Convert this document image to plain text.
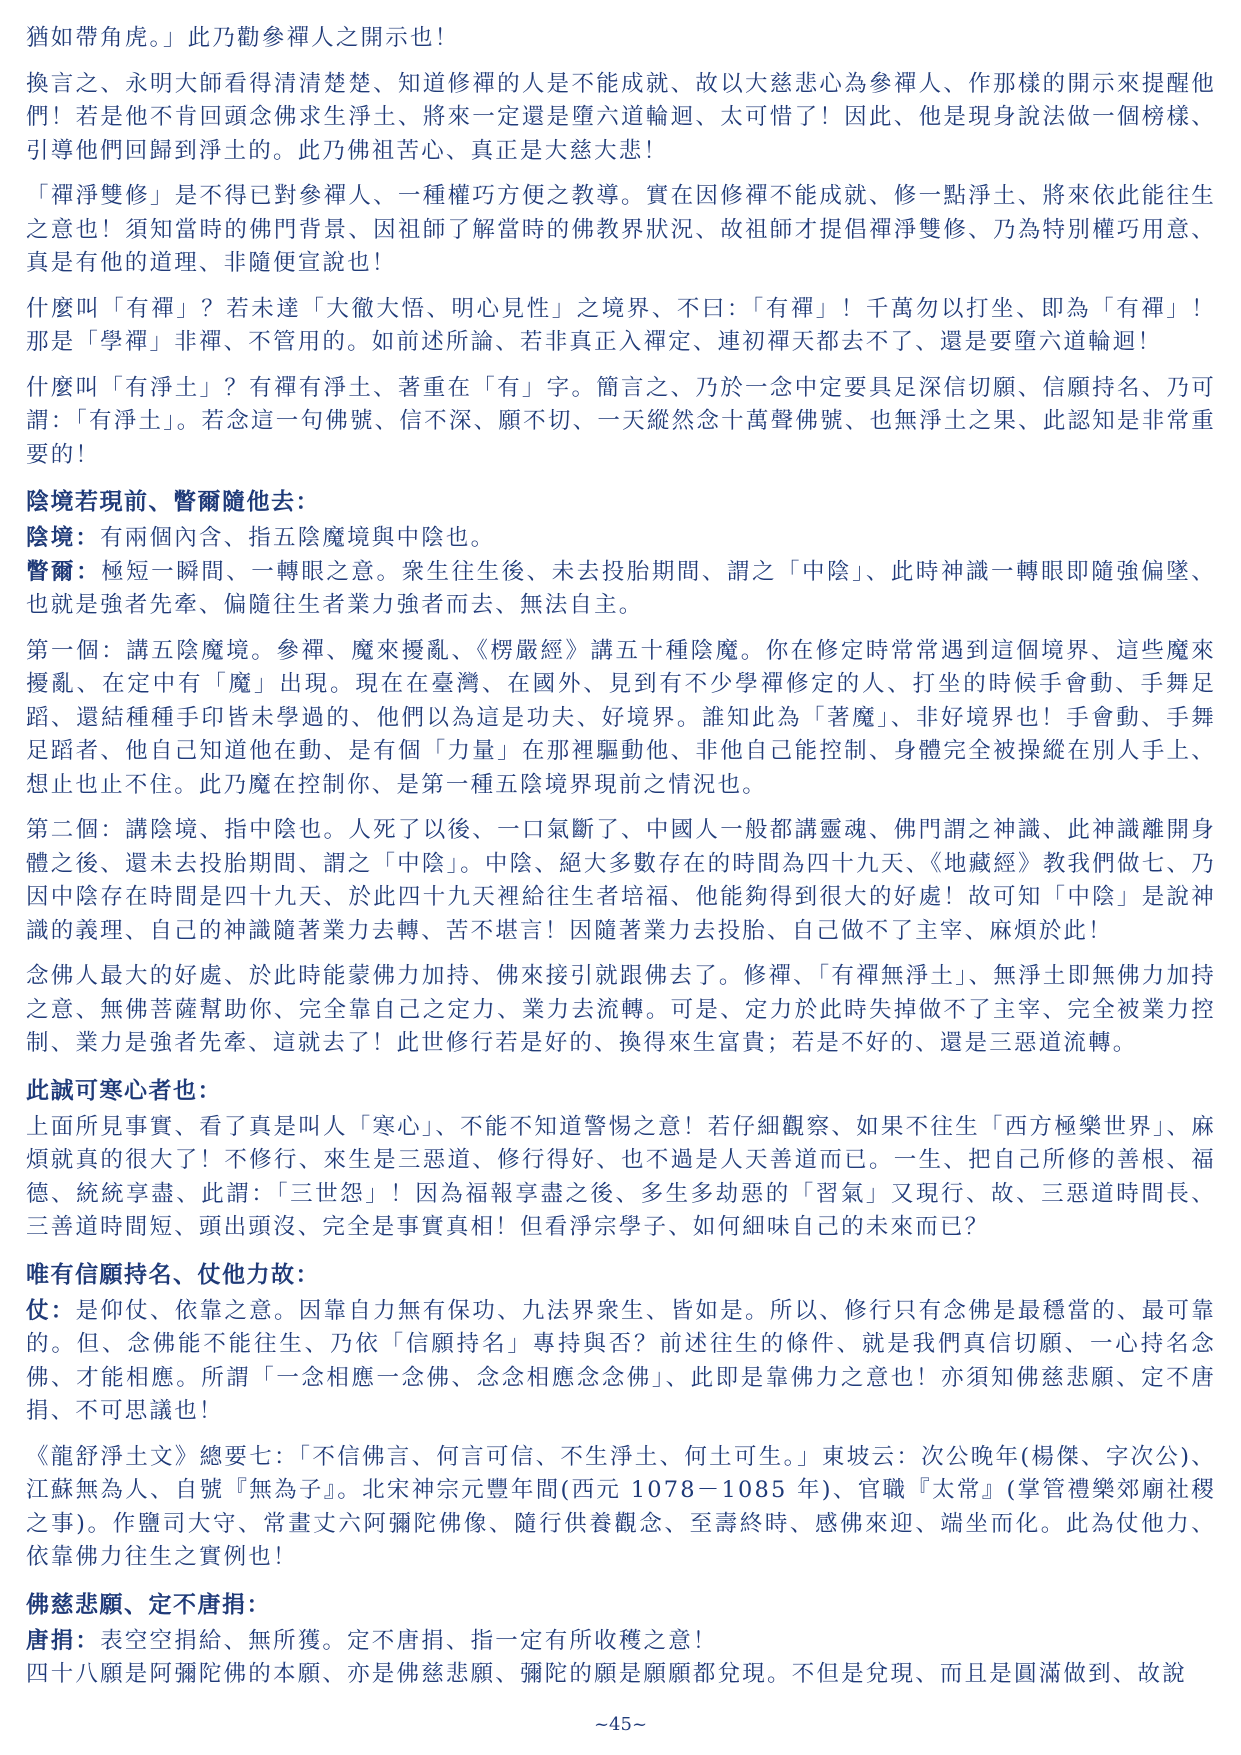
猶如帶角虎。」此乃勸參禪人之開示也！

換言之、永明大師看得清清楚楚、知道修禪的人是不能成就、故以大慈悲心為參禪人、作那樣的開示來提醒他們！若是他不肯回頭念佛求生淨土、將來一定還是墮六道輪迴、太可惜了！因此、他是現身說法做一個榜樣、引導他們回歸到淨土的。此乃佛祖苦心、真正是大慈大悲！

「禪淨雙修」是不得已對參禪人、一種權巧方便之教導。實在因修禪不能成就、修一點淨土、將來依此能往生之意也！須知當時的佛門背景、因祖師了解當時的佛教界狀況、故祖師才提倡禪淨雙修、乃為特別權巧用意、真是有他的道理、非隨便宣說也！

什麼叫「有禪」？若未達「大徹大悟、明心見性」之境界、不曰：「有禪」！千萬勿以打坐、即為「有禪」！那是「學禪」非禪、不管用的。如前述所論、若非真正入禪定、連初禪天都去不了、還是要墮六道輪迴！

什麼叫「有淨土」？有禪有淨土、著重在「有」字。簡言之、乃於一念中定要具足深信切願、信願持名、乃可謂：「有淨土」。若念這一句佛號、信不深、願不切、一天縱然念十萬聲佛號、也無淨土之果、此認知是非常重要的！

陰境若現前、瞥爾隨他去：

陰境：有兩個內含、指五陰魔境與中陰也。

瞥爾：極短一瞬間、一轉眼之意。衆生往生後、未去投胎期間、謂之「中陰」、此時神識一轉眼即隨強偏墜、也就是強者先牽、偏隨往生者業力強者而去、無法自主。

第一個：講五陰魔境。參禪、魔來擾亂、《楞嚴經》講五十種陰魔。你在修定時常常遇到這個境界、這些魔來擾亂、在定中有「魔」出現。現在在臺灣、在國外、見到有不少學禪修定的人、打坐的時候手會動、手舞足蹈、還結種種手印皆未學過的、他們以為這是功夫、好境界。誰知此為「著魔」、非好境界也！手會動、手舞足蹈者、他自己知道他在動、是有個「力量」在那裡驅動他、非他自己能控制、身體完全被操縱在別人手上、想止也止不住。此乃魔在控制你、是第一種五陰境界現前之情況也。

第二個：講陰境、指中陰也。人死了以後、一口氣斷了、中國人一般都講靈魂、佛門謂之神識、此神識離開身體之後、還未去投胎期間、謂之「中陰」。中陰、絕大多數存在的時間為四十九天、《地藏經》教我們做七、乃因中陰存在時間是四十九天、於此四十九天裡給往生者培福、他能夠得到很大的好處！故可知「中陰」是說神識的義理、自己的神識隨著業力去轉、苦不堪言！因隨著業力去投胎、自己做不了主宰、麻煩於此！

念佛人最大的好處、於此時能蒙佛力加持、佛來接引就跟佛去了。修禪、「有禪無淨土」、無淨土即無佛力加持之意、無佛菩薩幫助你、完全靠自己之定力、業力去流轉。可是、定力於此時失掉做不了主宰、完全被業力控制、業力是強者先牽、這就去了！此世修行若是好的、換得來生富貴；若是不好的、還是三惡道流轉。

此誠可寒心者也：

上面所見事實、看了真是叫人「寒心」、不能不知道警惕之意！若仔細觀察、如果不往生「西方極樂世界」、麻煩就真的很大了！不修行、來生是三惡道、修行得好、也不過是人天善道而已。一生、把自己所修的善根、福德、統統享盡、此謂：「三世怨」！因為福報享盡之後、多生多劫惡的「習氣」又現行、故、三惡道時間長、三善道時間短、頭出頭沒、完全是事實真相！但看淨宗學子、如何細味自己的未來而已？

唯有信願持名、仗他力故：

仗：是仰仗、依靠之意。因靠自力無有保功、九法界衆生、皆如是。所以、修行只有念佛是最穩當的、最可靠的。但、念佛能不能往生、乃依「信願持名」專持與否？前述往生的條件、就是我們真信切願、一心持名念佛、才能相應。所謂「一念相應一念佛、念念相應念念佛」、此即是靠佛力之意也！亦須知佛慈悲願、定不唐捐、不可思議也！

《龍舒淨土文》總要七：「不信佛言、何言可信、不生淨土、何土可生。」東坡云：次公晚年(楊傑、字次公)、江蘇無為人、自號『無為子』。北宋神宗元豐年間(西元 1078－1085 年)、官職『太常』(掌管禮樂郊廟社稷之事)。作鹽司大守、常畫丈六阿彌陀佛像、隨行供養觀念、至壽終時、感佛來迎、端坐而化。此為仗他力、依靠佛力往生之實例也！

佛慈悲願、定不唐捐：

唐捐：表空空捐給、無所獲。定不唐捐、指一定有所收穫之意！

四十八願是阿彌陀佛的本願、亦是佛慈悲願、彌陀的願是願願都兌現。不但是兌現、而且是圓滿做到、故說

~45~
